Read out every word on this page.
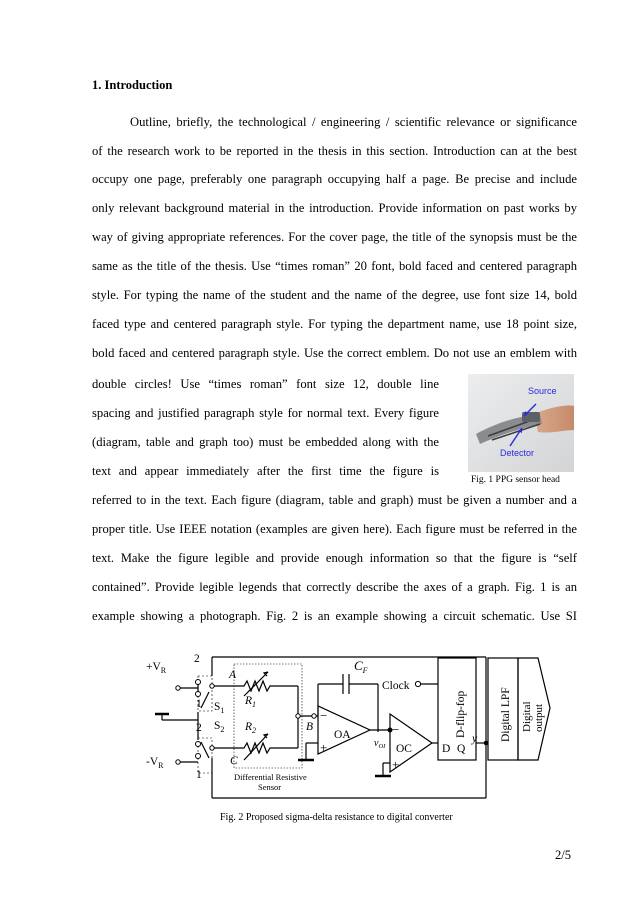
1. Introduction
Outline, briefly, the technological / engineering / scientific relevance or significance
of the research work to be reported in the thesis in this section. Introduction can at the best
occupy one page, preferably one paragraph occupying half a page. Be precise and include
only relevant background material in the introduction. Provide information on past works by
way of giving appropriate references. For the cover page, the title of the synopsis must be the
same as the title of the thesis. Use “times roman” 20 font, bold faced and centered paragraph
style. For typing the name of the student and the name of the degree, use font size 14, bold
faced type and centered paragraph style. For typing the department name, use 18 point size,
bold faced and centered paragraph style. Use the correct emblem. Do not use an emblem with
double circles! Use “times roman” font size 12, double line
spacing and justified paragraph style for normal text. Every figure
(diagram, table and graph too) must be embedded along with the
text and appear immediately after the first time the figure is
referred to in the text. Each figure (diagram, table and graph) must be given a number and a
proper title. Use IEEE notation (examples are given here). Each figure must be referred in the
text. Make the figure legible and provide enough information so that the figure is “self
contained”. Provide legible legends that correctly describe the axes of a graph. Fig. 1 is an
example showing a photograph. Fig. 2 is an example showing a circuit schematic. Use SI
Source
Detector
Fig. 1 PPG sensor head
$+V_R$
$-V_R$
2
1
2
1
$S_1$
$S_2$
A
C
B
$R_1$
$R_2$
$C_F$
OA
OC
−
+
−
+
$v_{OI}$
Clock
D Q
y
D-flip-fop	Digital LPF Digital output
Differential Resistive
Sensor
Fig. 2 Proposed sigma-delta resistance to digital converter
2/5
